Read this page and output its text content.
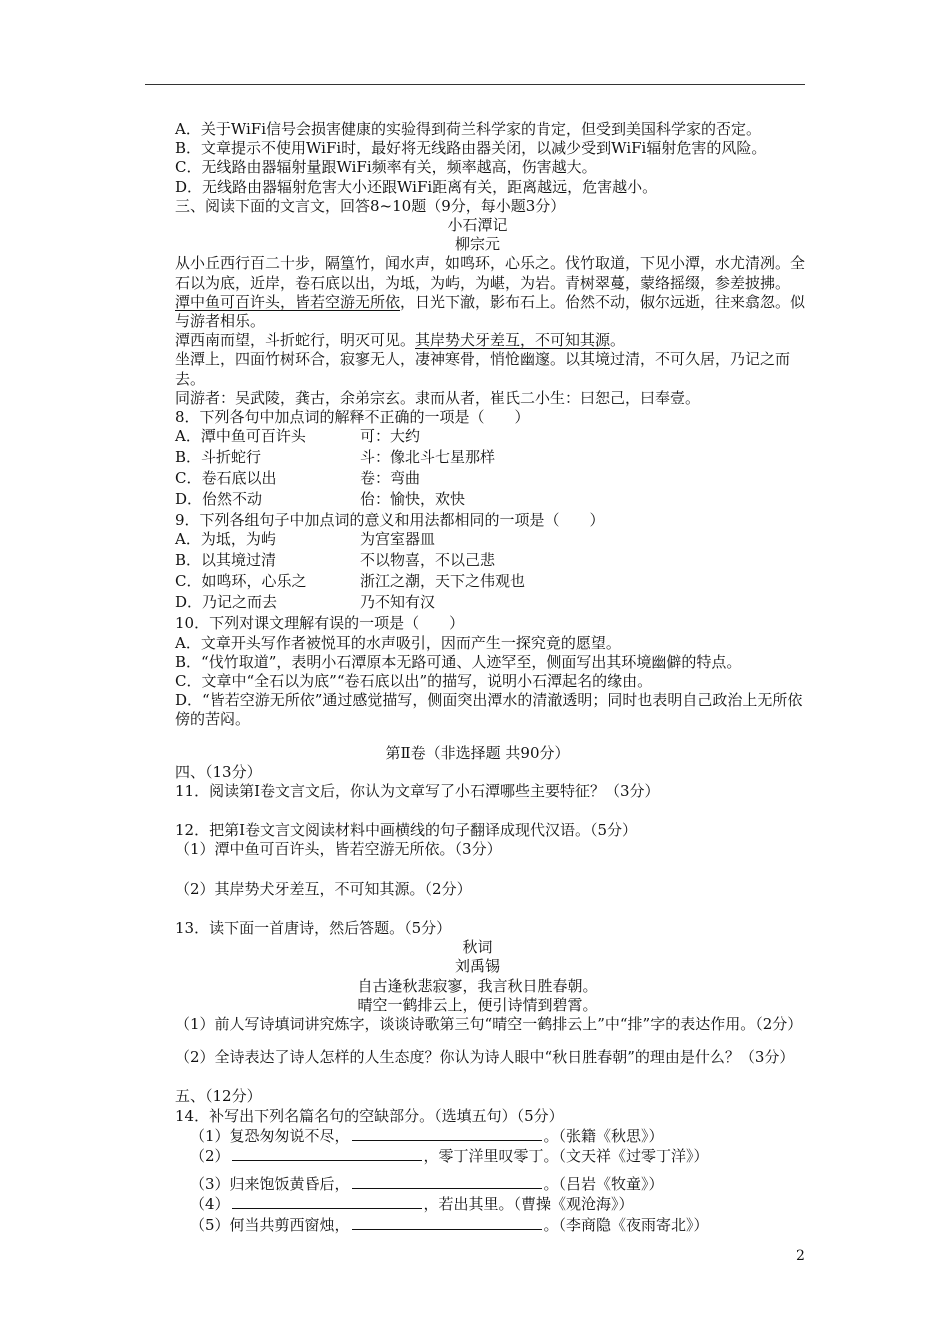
A．关于WiFi信号会损害健康的实验得到荷兰科学家的肯定，但受到美国科学家的否定。
B．文章提示不使用WiFi时，最好将无线路由器关闭，以减少受到WiFi辐射危害的风险。
C．无线路由器辐射量跟WiFi频率有关，频率越高，伤害越大。
D．无线路由器辐射危害大小还跟WiFi距离有关，距离越远，危害越小。
三、阅读下面的文言文，回答8~10题（9分，每小题3分）
小石潭记
柳宗元
从小丘西行百二十步，隔篁竹，闻水声，如鸣环，心乐之。伐竹取道，下见小潭，水尤清冽。全石以为底，近岸，卷石底以出，为坻，为屿，为嵁，为岩。青树翠蔓，蒙络摇缀，参差披拂。
潭中鱼可百许头，皆若空游无所依，日光下澈，影布石上。佁然不动，俶尔远逝，往来翕忽。似与游者相乐。
潭西南而望，斗折蛇行，明灭可见。其岸势犬牙差互，不可知其源。
坐潭上，四面竹树环合，寂寥无人，凄神寒骨，悄怆幽邃。以其境过清，不可久居，乃记之而去。
同游者：吴武陵，龚古，余弟宗玄。隶而从者，崔氏二小生：曰恕己，曰奉壹。
8．下列各句中加点词的解释不正确的一项是（　　）
A．潭中鱼可百许头	可：大约
B．斗折蛇行	斗：像北斗七星那样
C．卷石底以出	卷：弯曲
D．佁然不动	佁：愉快，欢快
9．下列各组句子中加点词的意义和用法都相同的一项是（　　）
A．为坻，为屿	为宫室器皿
B．以其境过清	不以物喜，不以己悲
C．如鸣环，心乐之	浙江之潮，天下之伟观也
D．乃记之而去	乃不知有汉
10．下列对课文理解有误的一项是（　　）
A．文章开头写作者被悦耳的水声吸引，因而产生一探究竟的愿望。
B．“伐竹取道”，表明小石潭原本无路可通、人迹罕至，侧面写出其环境幽僻的特点。
C．文章中“全石以为底”“卷石底以出”的描写，说明小石潭起名的缘由。
D．“皆若空游无所依”通过感觉描写，侧面突出潭水的清澈透明；同时也表明自己政治上无所依傍的苦闷。
第Ⅱ卷（非选择题 共90分）
四、（13分）
11．阅读第Ⅰ卷文言文后，你认为文章写了小石潭哪些主要特征？（3分）
12．把第Ⅰ卷文言文阅读材料中画横线的句子翻译成现代汉语。（5分）
（1）潭中鱼可百许头，皆若空游无所依。（3分）
（2）其岸势犬牙差互，不可知其源。（2分）
13．读下面一首唐诗，然后答题。（5分）
秋词
刘禹锡
自古逢秋悲寂寥，我言秋日胜春朝。
晴空一鹤排云上，便引诗情到碧霄。
（1）前人写诗填词讲究炼字，谈谈诗歌第三句“晴空一鹤排云上”中“排”字的表达作用。（2分）
（2）全诗表达了诗人怎样的人生态度？你认为诗人眼中“秋日胜春朝”的理由是什么？（3分）
五、（12分）
14．补写出下列名篇名句的空缺部分。（选填五句）（5分）
（1）复恐匆匆说不尽，	。（张籍《秋思》）
（2）	，零丁洋里叹零丁。（文天祥《过零丁洋》）
（3）归来饱饭黄昏后，	。（吕岩《牧童》）
（4）	，若出其里。（曹操《观沧海》）
（5）何当共剪西窗烛，	。（李商隐《夜雨寄北》）
2
